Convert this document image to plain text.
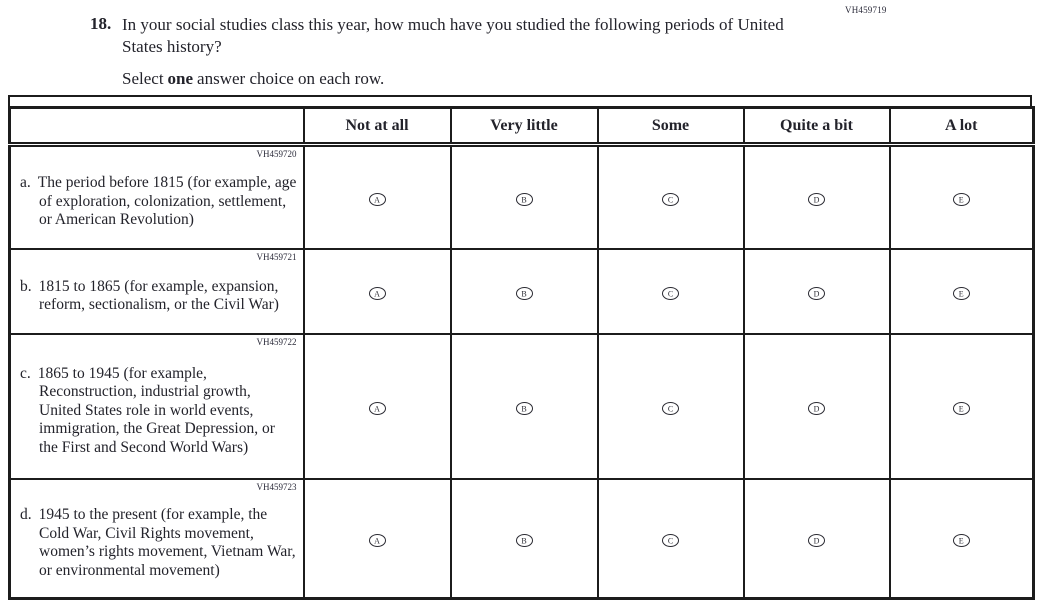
VH459719
18. In your social studies class this year, how much have you studied the following periods of United States history?
Select one answer choice on each row.
	Not at all	Very little	Some	Quite a bit	A lot

VH459720
a. The period before 1815 (for example, age of exploration, colonization, settlement, or American Revolution)	A	B	C	D	E

VH459721
b. 1815 to 1865 (for example, expansion, reform, sectionalism, or the Civil War)	A	B	C	D	E

VH459722
c. 1865 to 1945 (for example, Reconstruction, industrial growth, United States role in world events, immigration, the Great Depression, or the First and Second World Wars)	A	B	C	D	E

VH459723
d. 1945 to the present (for example, the Cold War, Civil Rights movement, women’s rights movement, Vietnam War, or environmental movement)	A	B	C	D	E
